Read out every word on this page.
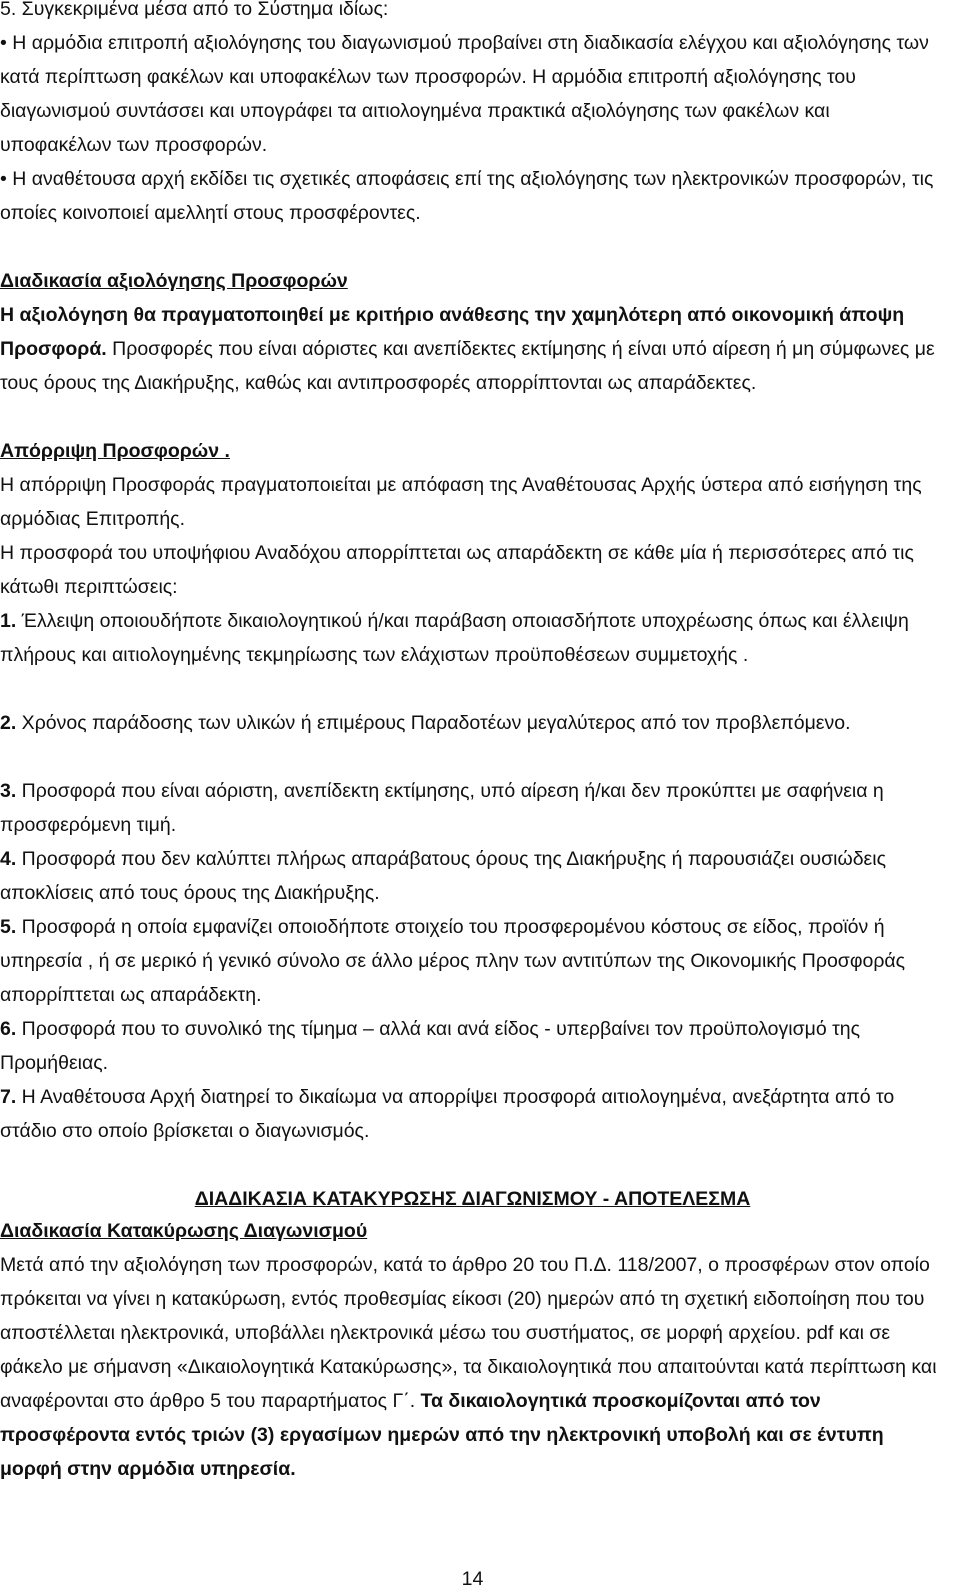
5. Συγκεκριμένα μέσα από το Σύστημα ιδίως:

• Η αρμόδια επιτροπή αξιολόγησης του διαγωνισμού προβαίνει στη διαδικασία ελέγχου και αξιολόγησης των κατά περίπτωση φακέλων και υποφακέλων των προσφορών. Η αρμόδια επιτροπή αξιολόγησης του διαγωνισμού συντάσσει και υπογράφει τα αιτιολογημένα πρακτικά αξιολόγησης των φακέλων και υποφακέλων των προσφορών.

• Η αναθέτουσα αρχή εκδίδει τις σχετικές αποφάσεις επί της αξιολόγησης των ηλεκτρονικών προσφορών, τις οποίες κοινοποιεί αμελλητί στους προσφέροντες.

Διαδικασία αξιολόγησης Προσφορών

Η αξιολόγηση θα πραγματοποιηθεί με κριτήριο ανάθεσης την χαμηλότερη από οικονομική άποψη Προσφορά. Προσφορές που είναι αόριστες και ανεπίδεκτες εκτίμησης ή είναι υπό αίρεση ή μη σύμφωνες με τους όρους της Διακήρυξης, καθώς και αντιπροσφορές απορρίπτονται ως απαράδεκτες.

Απόρριψη Προσφορών .

Η απόρριψη Προσφοράς πραγματοποιείται με απόφαση της Αναθέτουσας Αρχής ύστερα από εισήγηση της αρμόδιας Επιτροπής.

Η προσφορά του υποψήφιου Αναδόχου απορρίπτεται ως απαράδεκτη σε κάθε μία ή περισσότερες από τις κάτωθι περιπτώσεις:

1. Έλλειψη οποιουδήποτε δικαιολογητικού ή/και παράβαση οποιασδήποτε υποχρέωσης όπως και έλλειψη πλήρους και αιτιολογημένης τεκμηρίωσης των ελάχιστων προϋποθέσεων συμμετοχής .

2. Χρόνος παράδοσης των υλικών ή επιμέρους Παραδοτέων μεγαλύτερος από τον προβλεπόμενο.

3. Προσφορά που είναι αόριστη, ανεπίδεκτη εκτίμησης, υπό αίρεση ή/και δεν προκύπτει με σαφήνεια η προσφερόμενη τιμή.

4. Προσφορά που δεν καλύπτει πλήρως απαράβατους όρους της Διακήρυξης ή παρουσιάζει ουσιώδεις αποκλίσεις από τους όρους της Διακήρυξης.

5. Προσφορά η οποία εμφανίζει οποιοδήποτε στοιχείο του προσφερομένου κόστους σε είδος, προϊόν ή υπηρεσία , ή σε μερικό ή γενικό σύνολο σε άλλο μέρος πλην των αντιτύπων της Οικονομικής Προσφοράς απορρίπτεται ως απαράδεκτη.

6. Προσφορά που το συνολικό της τίμημα – αλλά και ανά είδος - υπερβαίνει τον προϋπολογισμό της Προμήθειας.

7. Η Αναθέτουσα Αρχή διατηρεί το δικαίωμα να απορρίψει προσφορά αιτιολογημένα, ανεξάρτητα από το στάδιο στο οποίο βρίσκεται ο διαγωνισμός.

ΔΙΑΔΙΚΑΣΙΑ ΚΑΤΑΚΥΡΩΣΗΣ ΔΙΑΓΩΝΙΣΜΟΥ - ΑΠΟΤΕΛΕΣΜΑ

Διαδικασία Κατακύρωσης Διαγωνισμού

Μετά από την αξιολόγηση των προσφορών, κατά το άρθρο 20 του Π.Δ. 118/2007, ο προσφέρων στον οποίο πρόκειται να γίνει η κατακύρωση, εντός προθεσμίας είκοσι (20) ημερών από τη σχετική ειδοποίηση που του αποστέλλεται ηλεκτρονικά, υποβάλλει ηλεκτρονικά μέσω του συστήματος, σε μορφή αρχείου. pdf και σε φάκελο με σήμανση «Δικαιολογητικά Κατακύρωσης», τα δικαιολογητικά που απαιτούνται κατά περίπτωση και αναφέρονται στο άρθρο 5 του παραρτήματος Γ΄. Τα δικαιολογητικά προσκομίζονται από τον προσφέροντα εντός τριών (3) εργασίμων ημερών από την ηλεκτρονική υποβολή και σε έντυπη μορφή στην αρμόδια υπηρεσία.

14
